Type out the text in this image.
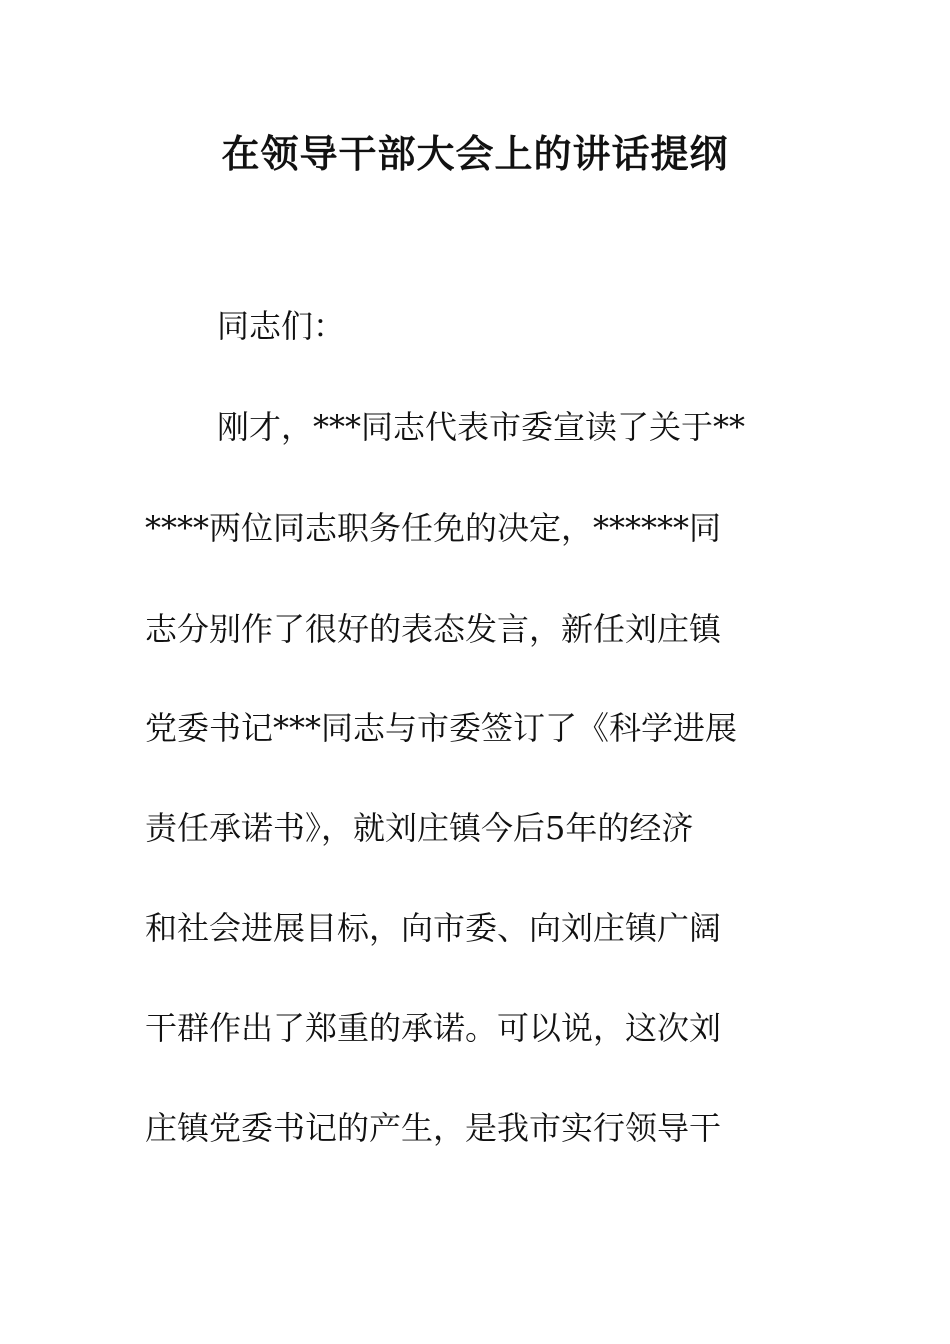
在领导干部大会上的讲话提纲

同志们：

刚才，***同志代表市委宣读了关于**

****两位同志职务任免的决定，******同

志分别作了很好的表态发言，新任刘庄镇

党委书记***同志与市委签订了《科学进展

责任承诺书》，就刘庄镇今后5年的经济

和社会进展目标，向市委、向刘庄镇广阔

干群作出了郑重的承诺。可以说，这次刘

庄镇党委书记的产生，是我市实行领导干
